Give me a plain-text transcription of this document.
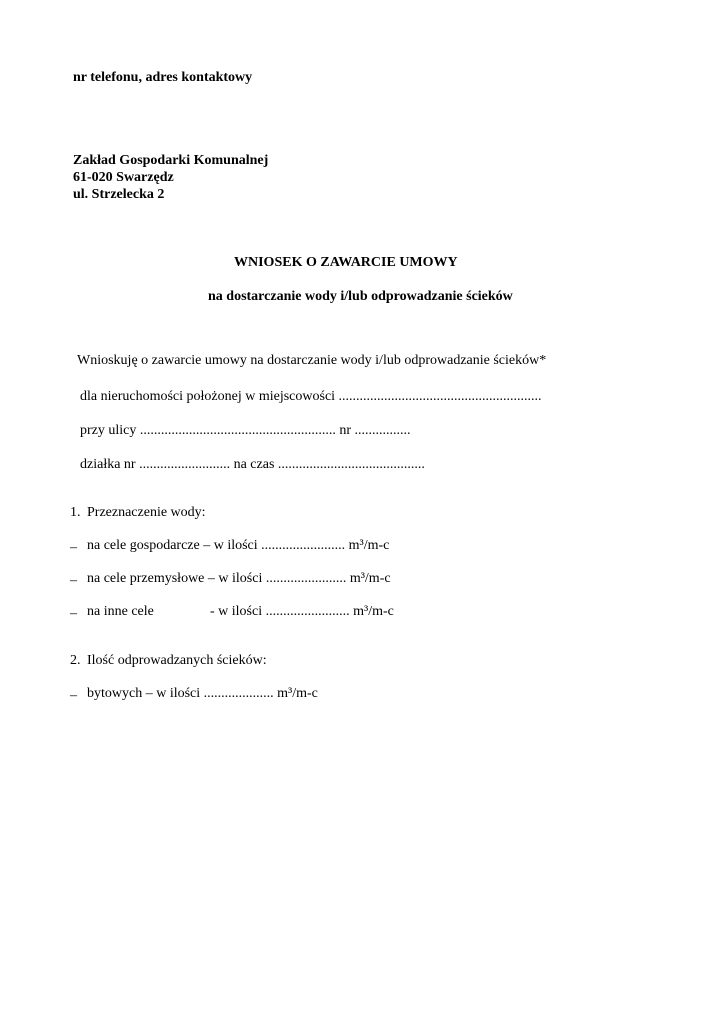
nr telefonu, adres kontaktowy
Zakład Gospodarki Komunalnej
61-020 Swarzędz
ul. Strzelecka 2
WNIOSEK O ZAWARCIE UMOWY
na dostarczanie wody i/lub odprowadzanie ścieków
Wnioskuję o zawarcie umowy na dostarczanie wody i/lub odprowadzanie ścieków*
dla nieruchomości położonej w miejscowości ..........................................................
przy ulicy ........................................................ nr ................
działka nr .......................... na czas ..........................................
1. Przeznaczenie wody:
– na cele gospodarcze – w ilości ........................ m³/m-c
– na cele przemysłowe – w ilości ....................... m³/m-c
– na inne cele	- w ilości ........................ m³/m-c
2. Ilość odprowadzanych ścieków:
– bytowych – w ilości .................... m³/m-c
